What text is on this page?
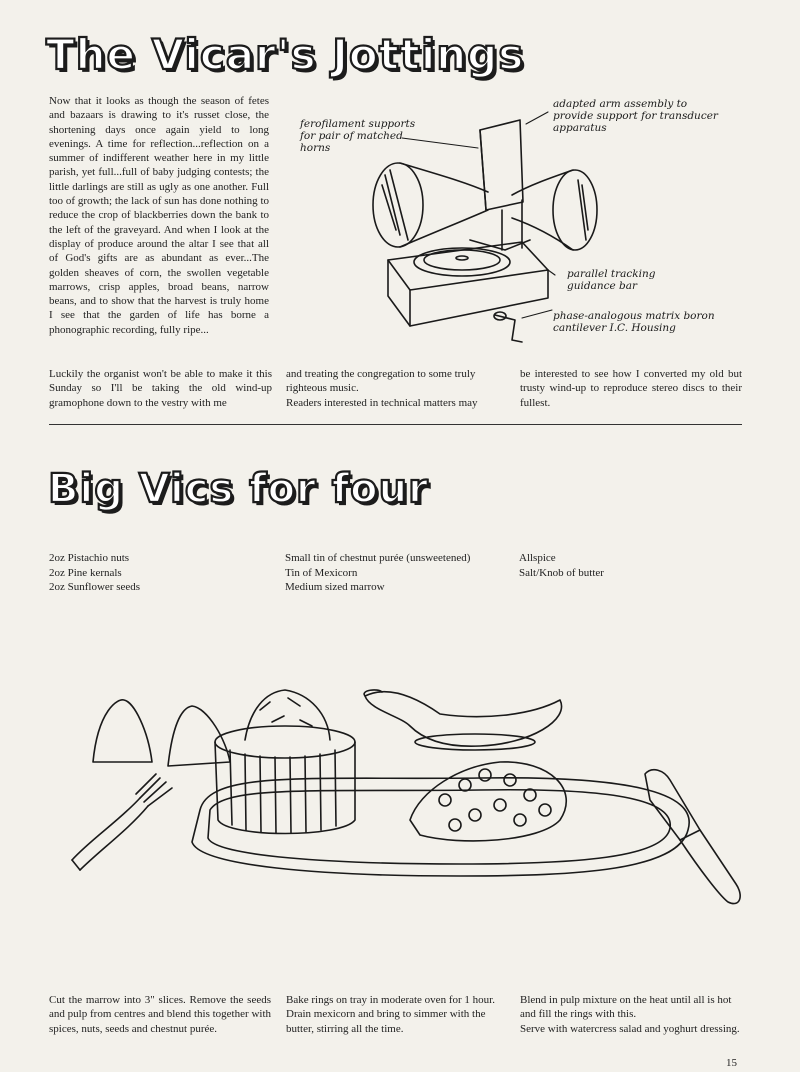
The Vicar's Jottings
Now that it looks as though the season of fetes and bazaars is drawing to it's russet close, the shortening days once again yield to long evenings. A time for reflection...reflection on a summer of indifferent weather here in my little parish, yet full...full of baby judging contests; the little darlings are still as ugly as one another. Full too of growth; the lack of sun has done nothing to reduce the crop of blackberries down the bank to the left of the graveyard. And when I look at the display of produce around the altar I see that all of God's gifts are as abundant as ever...The golden sheaves of corn, the swollen vegetable marrows, crisp apples, broad beans, narrow beans, and to show that the harvest is truly home I see that the garden of life has borne a phonographic recording, fully ripe...
ferofilament supports for pair of matched horns
adapted arm assembly to provide support for transducer apparatus
parallel tracking guidance bar
phase-analogous matrix boron cantilever I.C. Housing
Luckily the organist won't be able to make it this Sunday so I'll be taking the old wind-up gramophone down to the vestry with me
and treating the congregation to some truly righteous music.
Readers interested in technical matters may
be interested to see how I converted my old but trusty wind-up to reproduce stereo discs to their fullest.
Big Vics for four
2oz Pistachio nuts
2oz Pine kernals
2oz Sunflower seeds
Small tin of chestnut purée (unsweetened)
Tin of Mexicorn
Medium sized marrow
Allspice
Salt/Knob of butter
Cut the marrow into 3" slices. Remove the seeds and pulp from centres and blend this together with spices, nuts, seeds and chestnut purée.
Bake rings on tray in moderate oven for 1 hour.
Drain mexicorn and bring to simmer with the butter, stirring all the time.
Blend in pulp mixture on the heat until all is hot and fill the rings with this.
Serve with watercress salad and yoghurt dressing.
15
